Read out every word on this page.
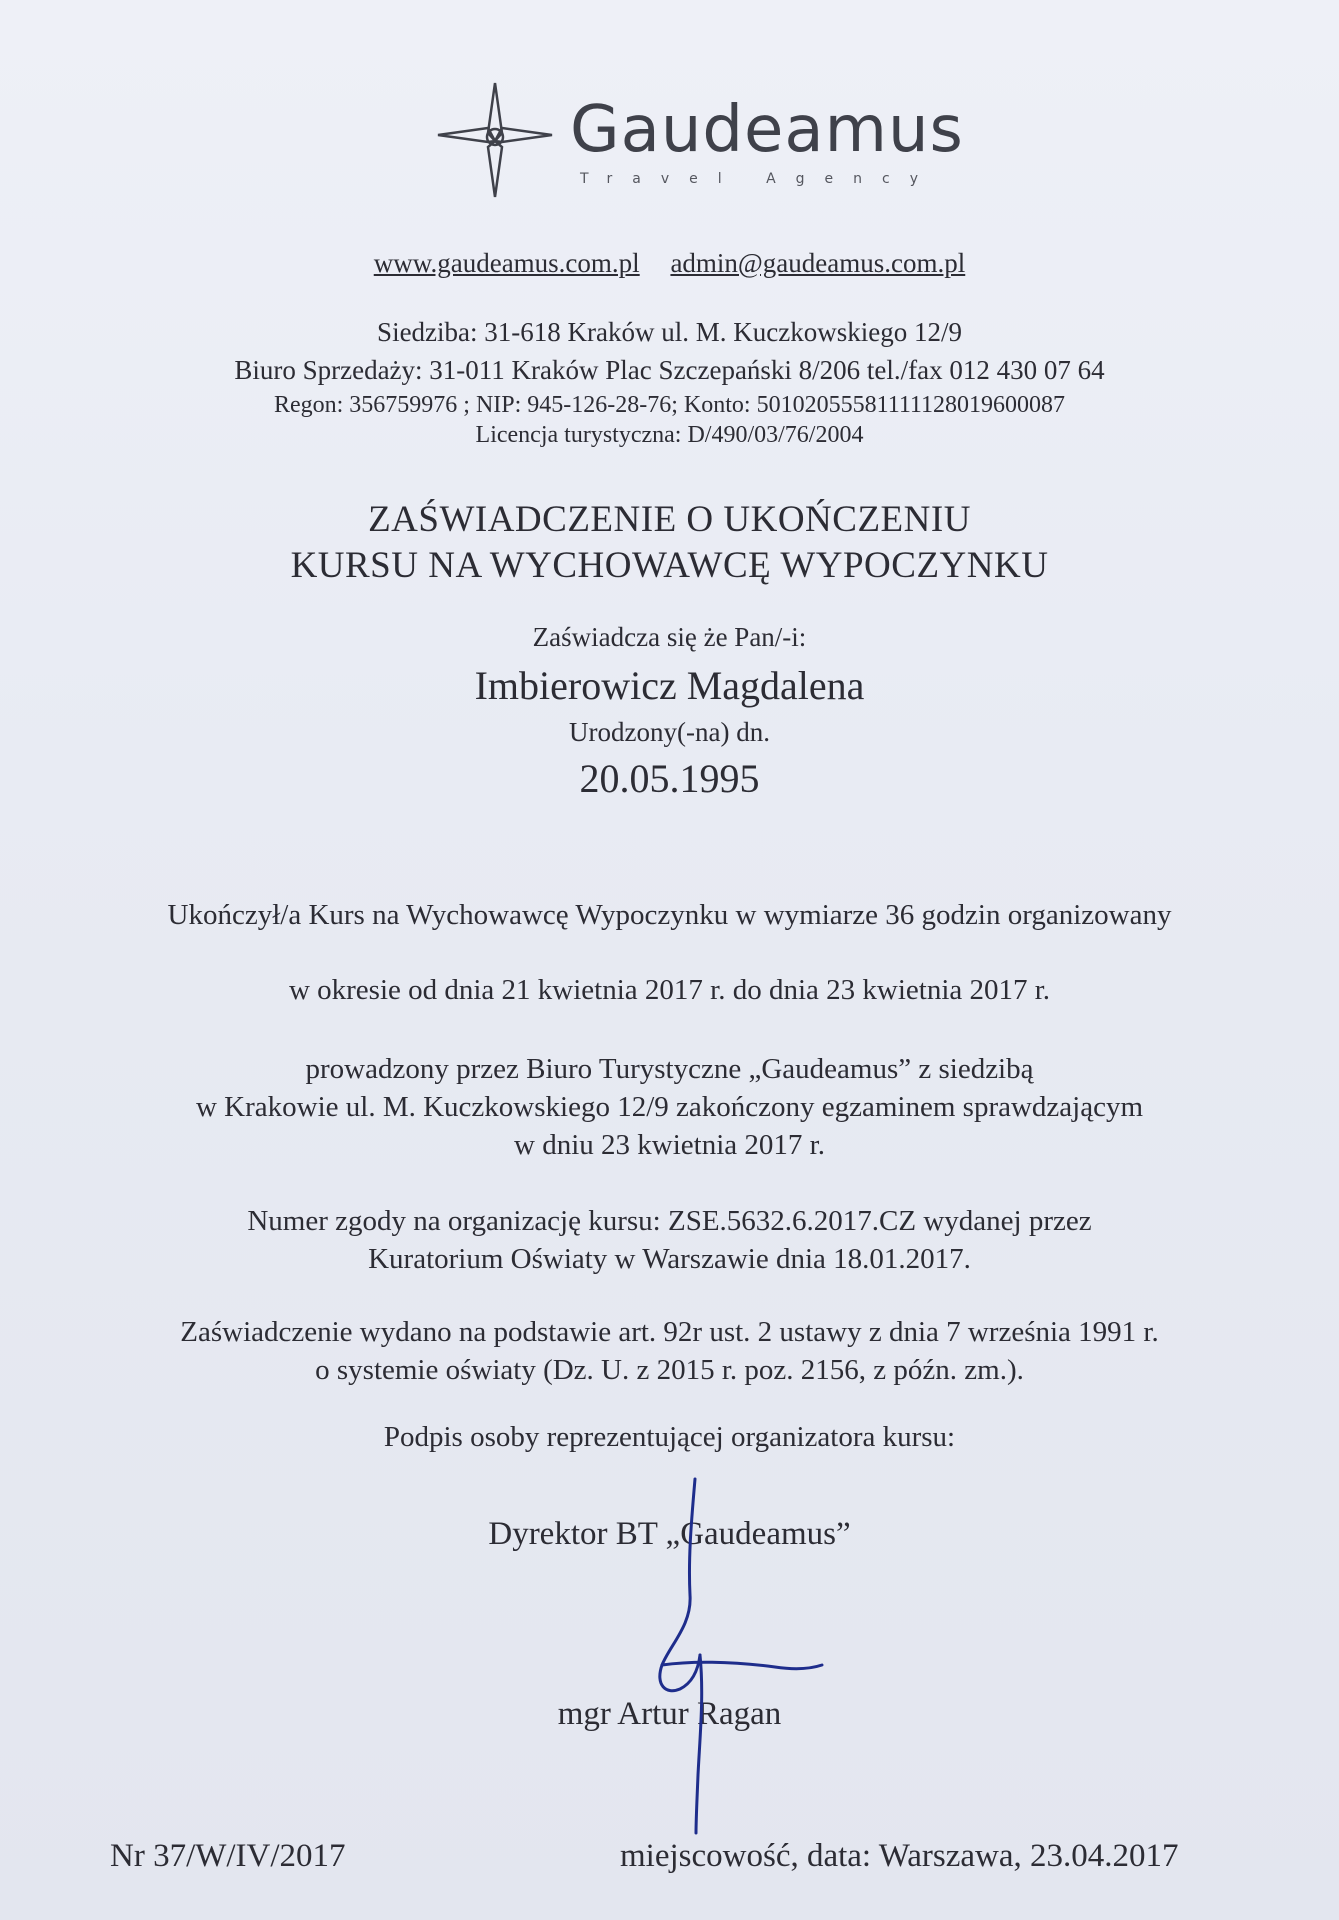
Gaudeamus
Travel Agency
www.gaudeamus.com.pl admin@gaudeamus.com.pl
Siedziba: 31-618 Kraków ul. M. Kuczkowskiego 12/9
Biuro Sprzedaży: 31-011 Kraków Plac Szczepański 8/206 tel./fax 012 430 07 64
Regon: 356759976 ; NIP: 945-126-28-76; Konto: 50102055581111128019600087
Licencja turystyczna: D/490/03/76/2004
ZAŚWIADCZENIE O UKOŃCZENIU
KURSU NA WYCHOWAWCĘ WYPOCZYNKU
Zaświadcza się że Pan/-i:
Imbierowicz Magdalena
Urodzony(-na) dn.
20.05.1995
Ukończył/a Kurs na Wychowawcę Wypoczynku w wymiarze 36 godzin organizowany
w okresie od dnia 21 kwietnia 2017 r. do dnia 23 kwietnia 2017 r.
prowadzony przez Biuro Turystyczne „Gaudeamus” z siedzibą
w Krakowie ul. M. Kuczkowskiego 12/9 zakończony egzaminem sprawdzającym
w dniu 23 kwietnia 2017 r.
Numer zgody na organizację kursu: ZSE.5632.6.2017.CZ wydanej przez
Kuratorium Oświaty w Warszawie dnia 18.01.2017.
Zaświadczenie wydano na podstawie art. 92r ust. 2 ustawy z dnia 7 września 1991 r.
o systemie oświaty (Dz. U. z 2015 r. poz. 2156, z późn. zm.).
Podpis osoby reprezentującej organizatora kursu:
Dyrektor BT „Gaudeamus”
mgr Artur Ragan
Nr 37/W/IV/2017	miejscowość, data: Warszawa, 23.04.2017
